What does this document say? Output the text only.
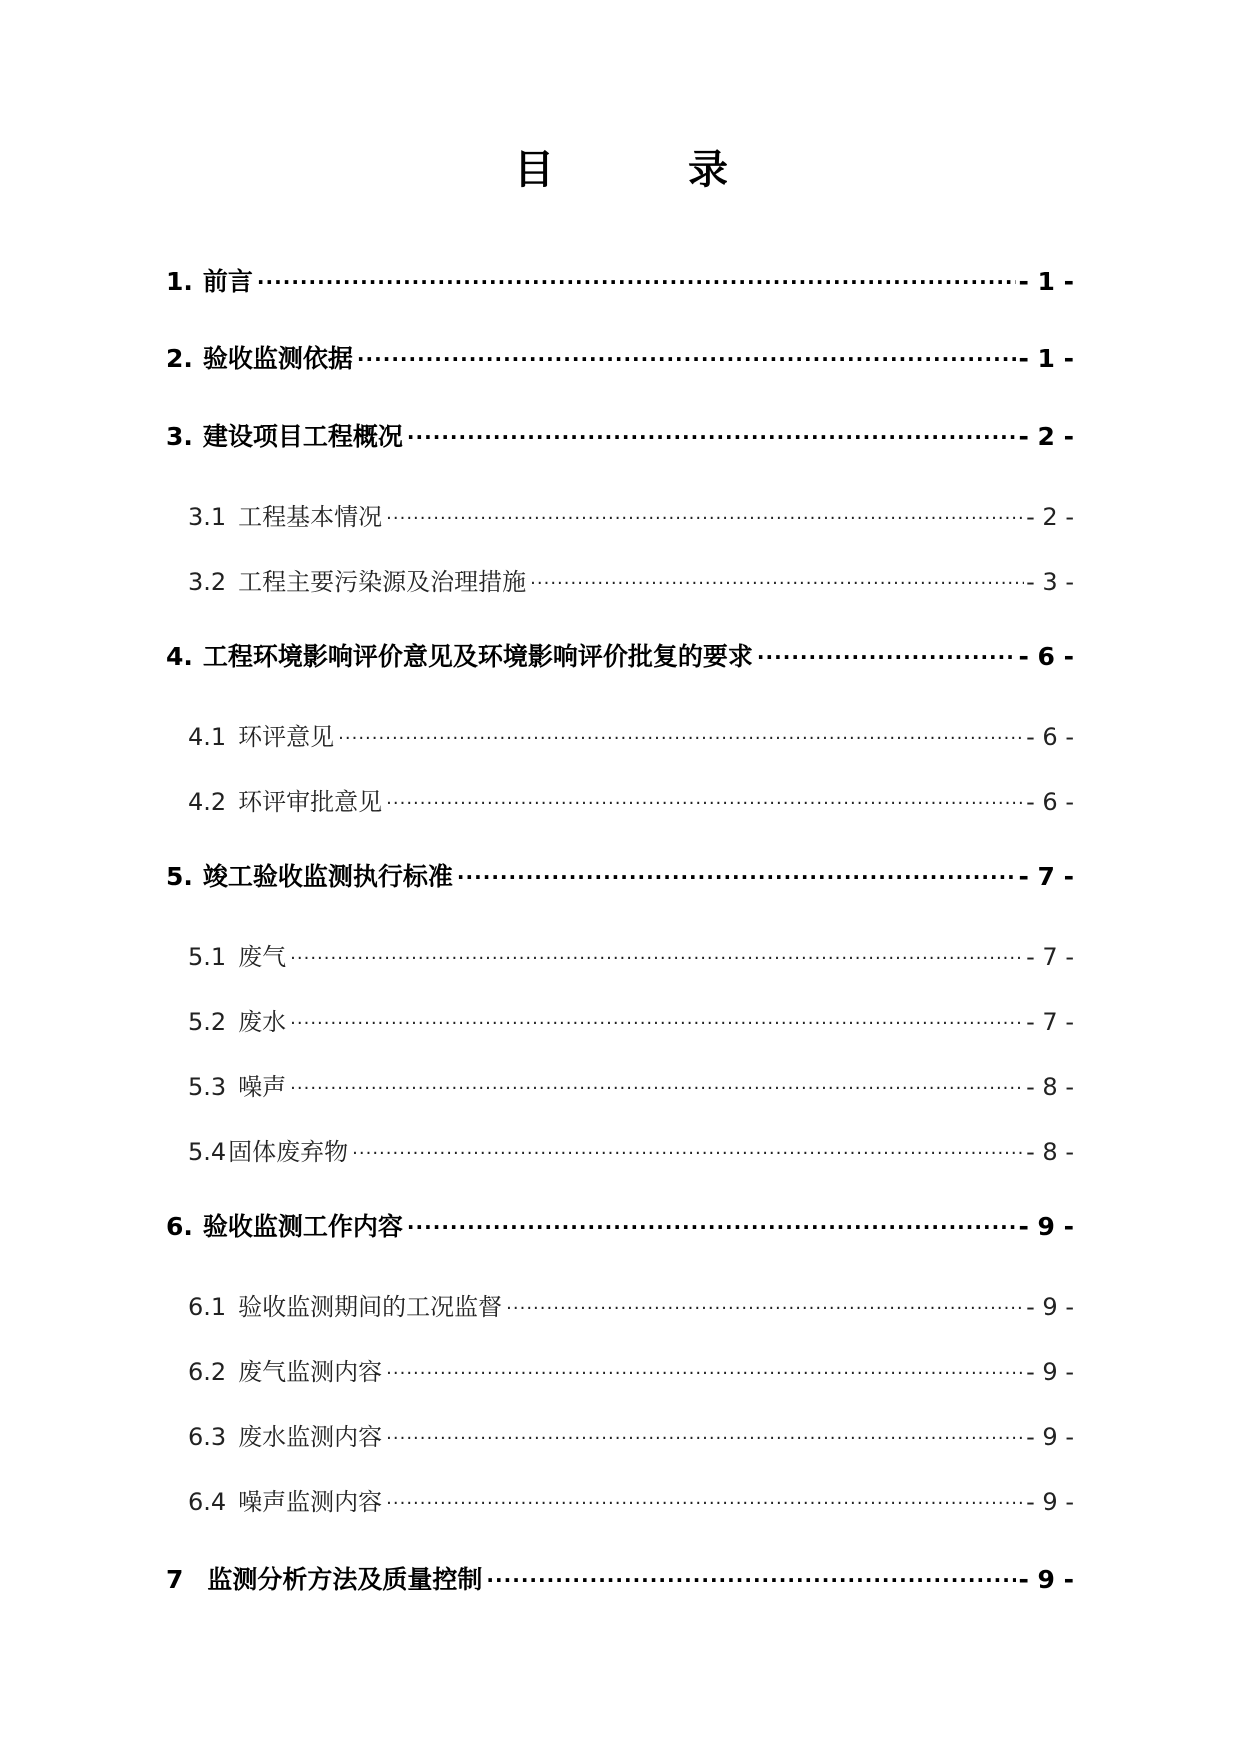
目 录
1. 前言 .....	- 1 -
2. 验收监测依据 .....	- 1 -
3. 建设项目工程概况 .....	- 2 -
3.1 工程基本情况 .....	- 2 -
3.2 工程主要污染源及治理措施 .....	- 3 -
4. 工程环境影响评价意见及环境影响评价批复的要求 .....	- 6 -
4.1 环评意见 .....	- 6 -
4.2 环评审批意见 .....	- 6 -
5. 竣工验收监测执行标准 .....	- 7 -
5.1 废气 .....	- 7 -
5.2 废水 .....	- 7 -
5.3 噪声 .....	- 8 -
5.4 固体废弃物 .....	- 8 -
6. 验收监测工作内容 .....	- 9 -
6.1 验收监测期间的工况监督 .....	- 9 -
6.2 废气监测内容 .....	- 9 -
6.3 废水监测内容 .....	- 9 -
6.4 噪声监测内容 .....	- 9 -
7 监测分析方法及质量控制 .....	- 9 -
